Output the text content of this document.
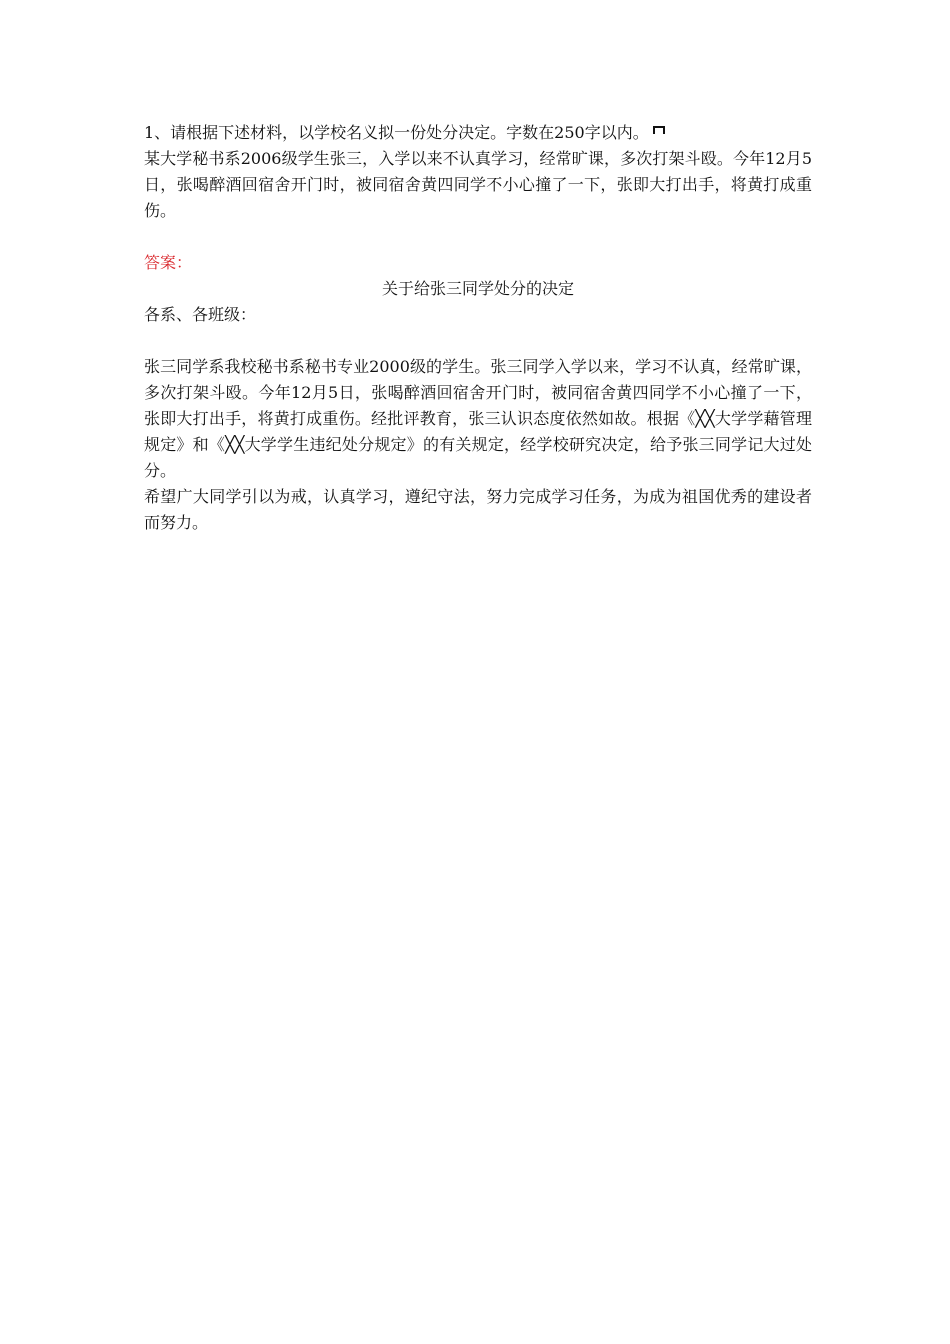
1、请根据下述材料，以学校名义拟一份处分决定。字数在250字以内。

某大学秘书系2006级学生张三，入学以来不认真学习，经常旷课，多次打架斗殴。今年12月5日，张喝醉酒回宿舍开门时，被同宿舍黄四同学不小心撞了一下，张即大打出手，将黄打成重伤。

答案：

关于给张三同学处分的决定

各系、各班级：

张三同学系我校秘书系秘书专业2000级的学生。张三同学入学以来，学习不认真，经常旷课，多次打架斗殴。今年12月5日，张喝醉酒回宿舍开门时，被同宿舍黄四同学不小心撞了一下，张即大打出手，将黄打成重伤。经批评教育，张三认识态度依然如故。根据《╳╳大学学藉管理规定》和《╳╳大学学生违纪处分规定》的有关规定，经学校研究决定，给予张三同学记大过处分。

希望广大同学引以为戒，认真学习，遵纪守法，努力完成学习任务，为成为祖国优秀的建设者而努力。
